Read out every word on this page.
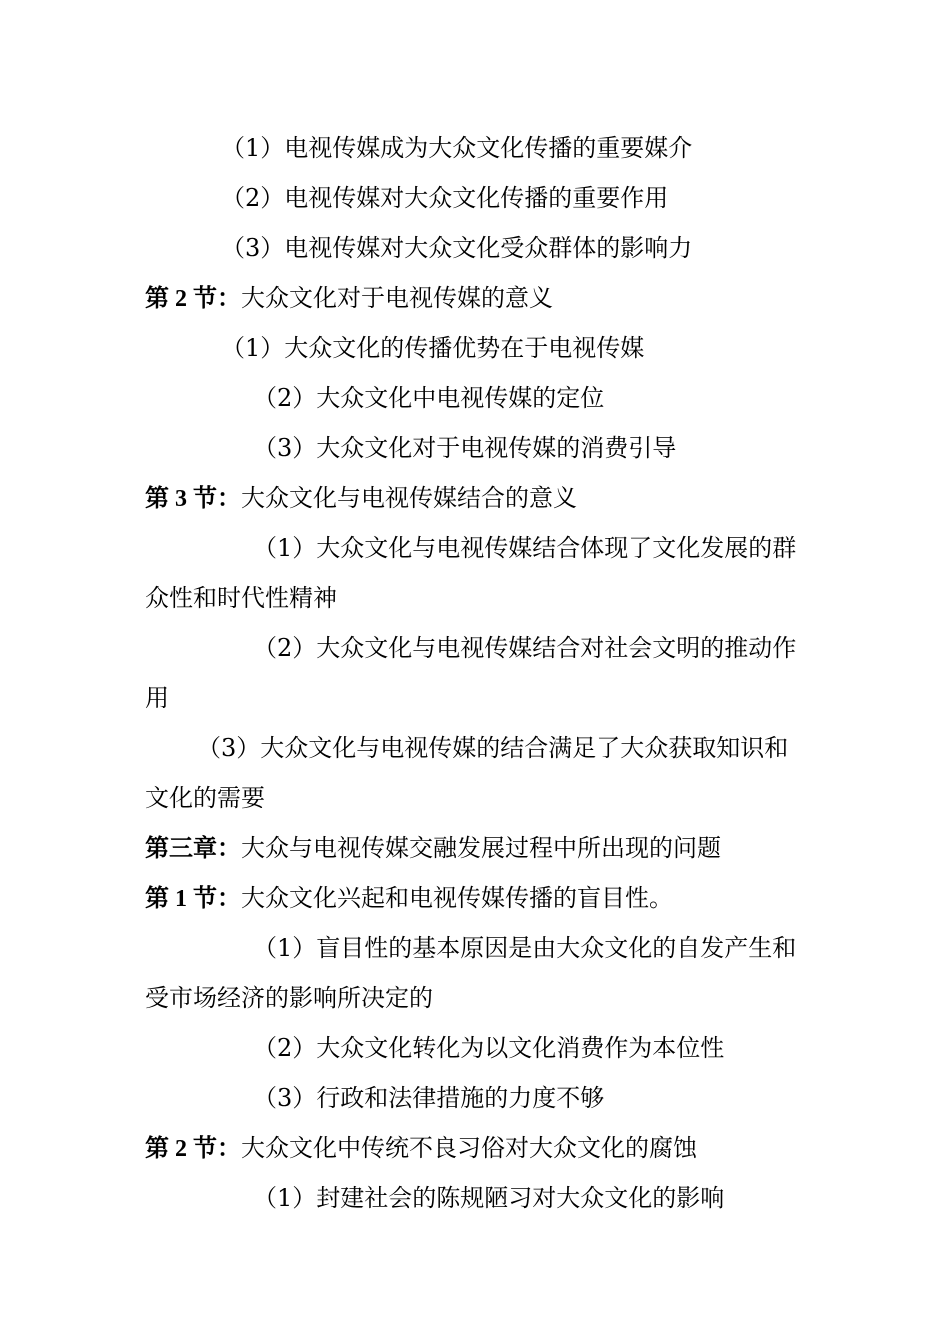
（1）电视传媒成为大众文化传播的重要媒介
（2）电视传媒对大众文化传播的重要作用
（3）电视传媒对大众文化受众群体的影响力
第 2 节：大众文化对于电视传媒的意义
（1）大众文化的传播优势在于电视传媒
（2）大众文化中电视传媒的定位
（3）大众文化对于电视传媒的消费引导
第 3 节：大众文化与电视传媒结合的意义
（1）大众文化与电视传媒结合体现了文化发展的群
众性和时代性精神
（2）大众文化与电视传媒结合对社会文明的推动作
用
（3）大众文化与电视传媒的结合满足了大众获取知识和
文化的需要
第三章：大众与电视传媒交融发展过程中所出现的问题
第 1 节：大众文化兴起和电视传媒传播的盲目性。
（1）盲目性的基本原因是由大众文化的自发产生和
受市场经济的影响所决定的
（2）大众文化转化为以文化消费作为本位性
（3）行政和法律措施的力度不够
第 2 节：大众文化中传统不良习俗对大众文化的腐蚀
（1）封建社会的陈规陋习对大众文化的影响
